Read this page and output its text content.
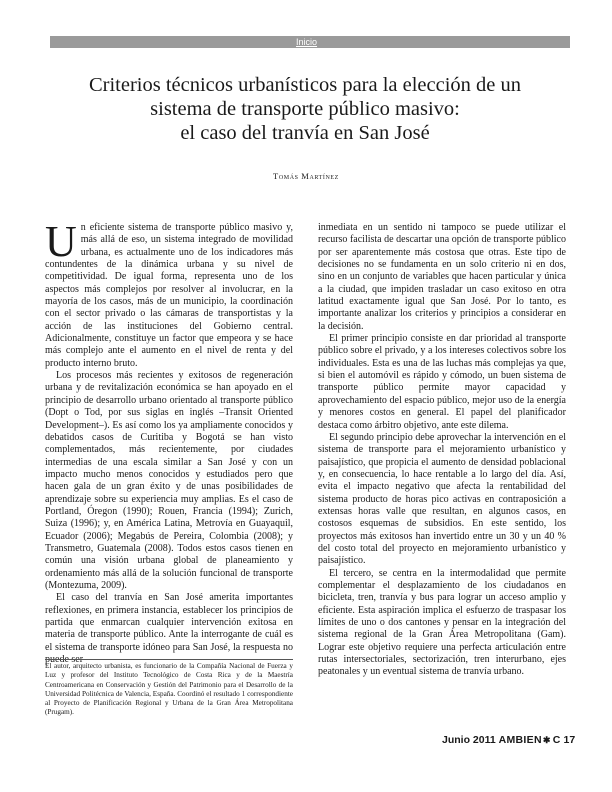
Inicio
Criterios técnicos urbanísticos para la elección de un
sistema de transporte público masivo:
el caso del tranvía en San José
Tomás Martínez

Un eficiente sistema de transporte público masivo y, más allá de eso, un sistema integrado de movilidad urbana, es actualmente uno de los indicadores más contundentes de la dinámica urbana y su nivel de competitividad. De igual forma, representa uno de los aspectos más complejos por resolver al involucrar, en la mayoría de los casos, más de un municipio, la coordinación con el sector privado o las cámaras de transportistas y la acción de las instituciones del Gobierno central. Adicionalmente, constituye un factor que empeora y se hace más complejo ante el aumento en el nivel de renta y del producto interno bruto.

Los procesos más recientes y exitosos de regeneración urbana y de revitalización económica se han apoyado en el principio de desarrollo urbano orientado al transporte público (Dopt o Tod, por sus siglas en inglés –Transit Oriented Development–). Es así como los ya ampliamente conocidos y debatidos casos de Curitiba y Bogotá se han visto complementados, más recientemente, por ciudades intermedias de una escala similar a San José y con un impacto mucho menos conocidos y estudiados pero que hacen gala de un gran éxito y de unas posibilidades de aprendizaje sobre su experiencia muy amplias. Es el caso de Portland, Óregon (1990); Rouen, Francia (1994); Zurich, Suiza (1996); y, en América Latina, Metrovía en Guayaquil, Ecuador (2006); Megabús de Pereira, Colombia (2008); y Transmetro, Guatemala (2008). Todos estos casos tienen en común una visión urbana global de planeamiento y ordenamiento más allá de la solución funcional de transporte (Montezuma, 2009).

El caso del tranvía en San José amerita importantes reflexiones, en primera instancia, establecer los principios de partida que enmarcan cualquier intervención exitosa en materia de transporte público. Ante la interrogante de cuál es el sistema de transporte idóneo para San José, la respuesta no puede ser

inmediata en un sentido ni tampoco se puede utilizar el recurso facilista de descartar una opción de transporte público por ser aparentemente más costosa que otras. Este tipo de decisiones no se fundamenta en un solo criterio ni en dos, sino en un conjunto de variables que hacen particular y única a la ciudad, que impiden trasladar un caso exitoso en otra latitud exactamente igual que San José. Por lo tanto, es importante analizar los criterios y principios a considerar en la decisión.

El primer principio consiste en dar prioridad al transporte público sobre el privado, y a los intereses colectivos sobre los individuales. Esta es una de las luchas más complejas ya que, si bien el automóvil es rápido y cómodo, un buen sistema de transporte público permite mayor capacidad y aprovechamiento del espacio público, mejor uso de la energía y menores costos en general. El papel del planificador destaca como árbitro objetivo, ante este dilema.

El segundo principio debe aprovechar la intervención en el sistema de transporte para el mejoramiento urbanístico y paisajístico, que propicia el aumento de densidad poblacional y, en consecuencia, lo hace rentable a lo largo del día. Así, evita el impacto negativo que afecta la rentabilidad del sistema producto de horas pico activas en contraposición a extensas horas valle que resultan, en algunos casos, en costosos esquemas de subsidios. En este sentido, los proyectos más exitosos han invertido entre un 30 y un 40 % del costo total del proyecto en mejoramiento urbanístico y paisajístico.

El tercero, se centra en la intermodalidad que permite complementar el desplazamiento de los ciudadanos en bicicleta, tren, tranvía y bus para lograr un acceso amplio y eficiente. Esta aspiración implica el esfuerzo de traspasar los límites de uno o dos cantones y pensar en la integración del sistema regional de la Gran Área Metropolitana (Gam). Lograr este objetivo requiere una perfecta articulación entre rutas intersectoriales, sectorización, tren interurbano, ejes peatonales y un eventual sistema de tranvía urbano.

El autor, arquitecto urbanista, es funcionario de la Compañía Nacional de Fuerza y Luz y profesor del Instituto Tecnológico de Costa Rica y de la Maestría Centroamericana en Conservación y Gestión del Patrimonio para el Desarrollo de la Universidad Politécnica de Valencia, España. Coordinó el resultado 1 correspondiente al Proyecto de Planificación Regional y Urbana de la Gran Área Metropolitana (Prugam).
Junio 2011 AMBIEN✱ C 17
